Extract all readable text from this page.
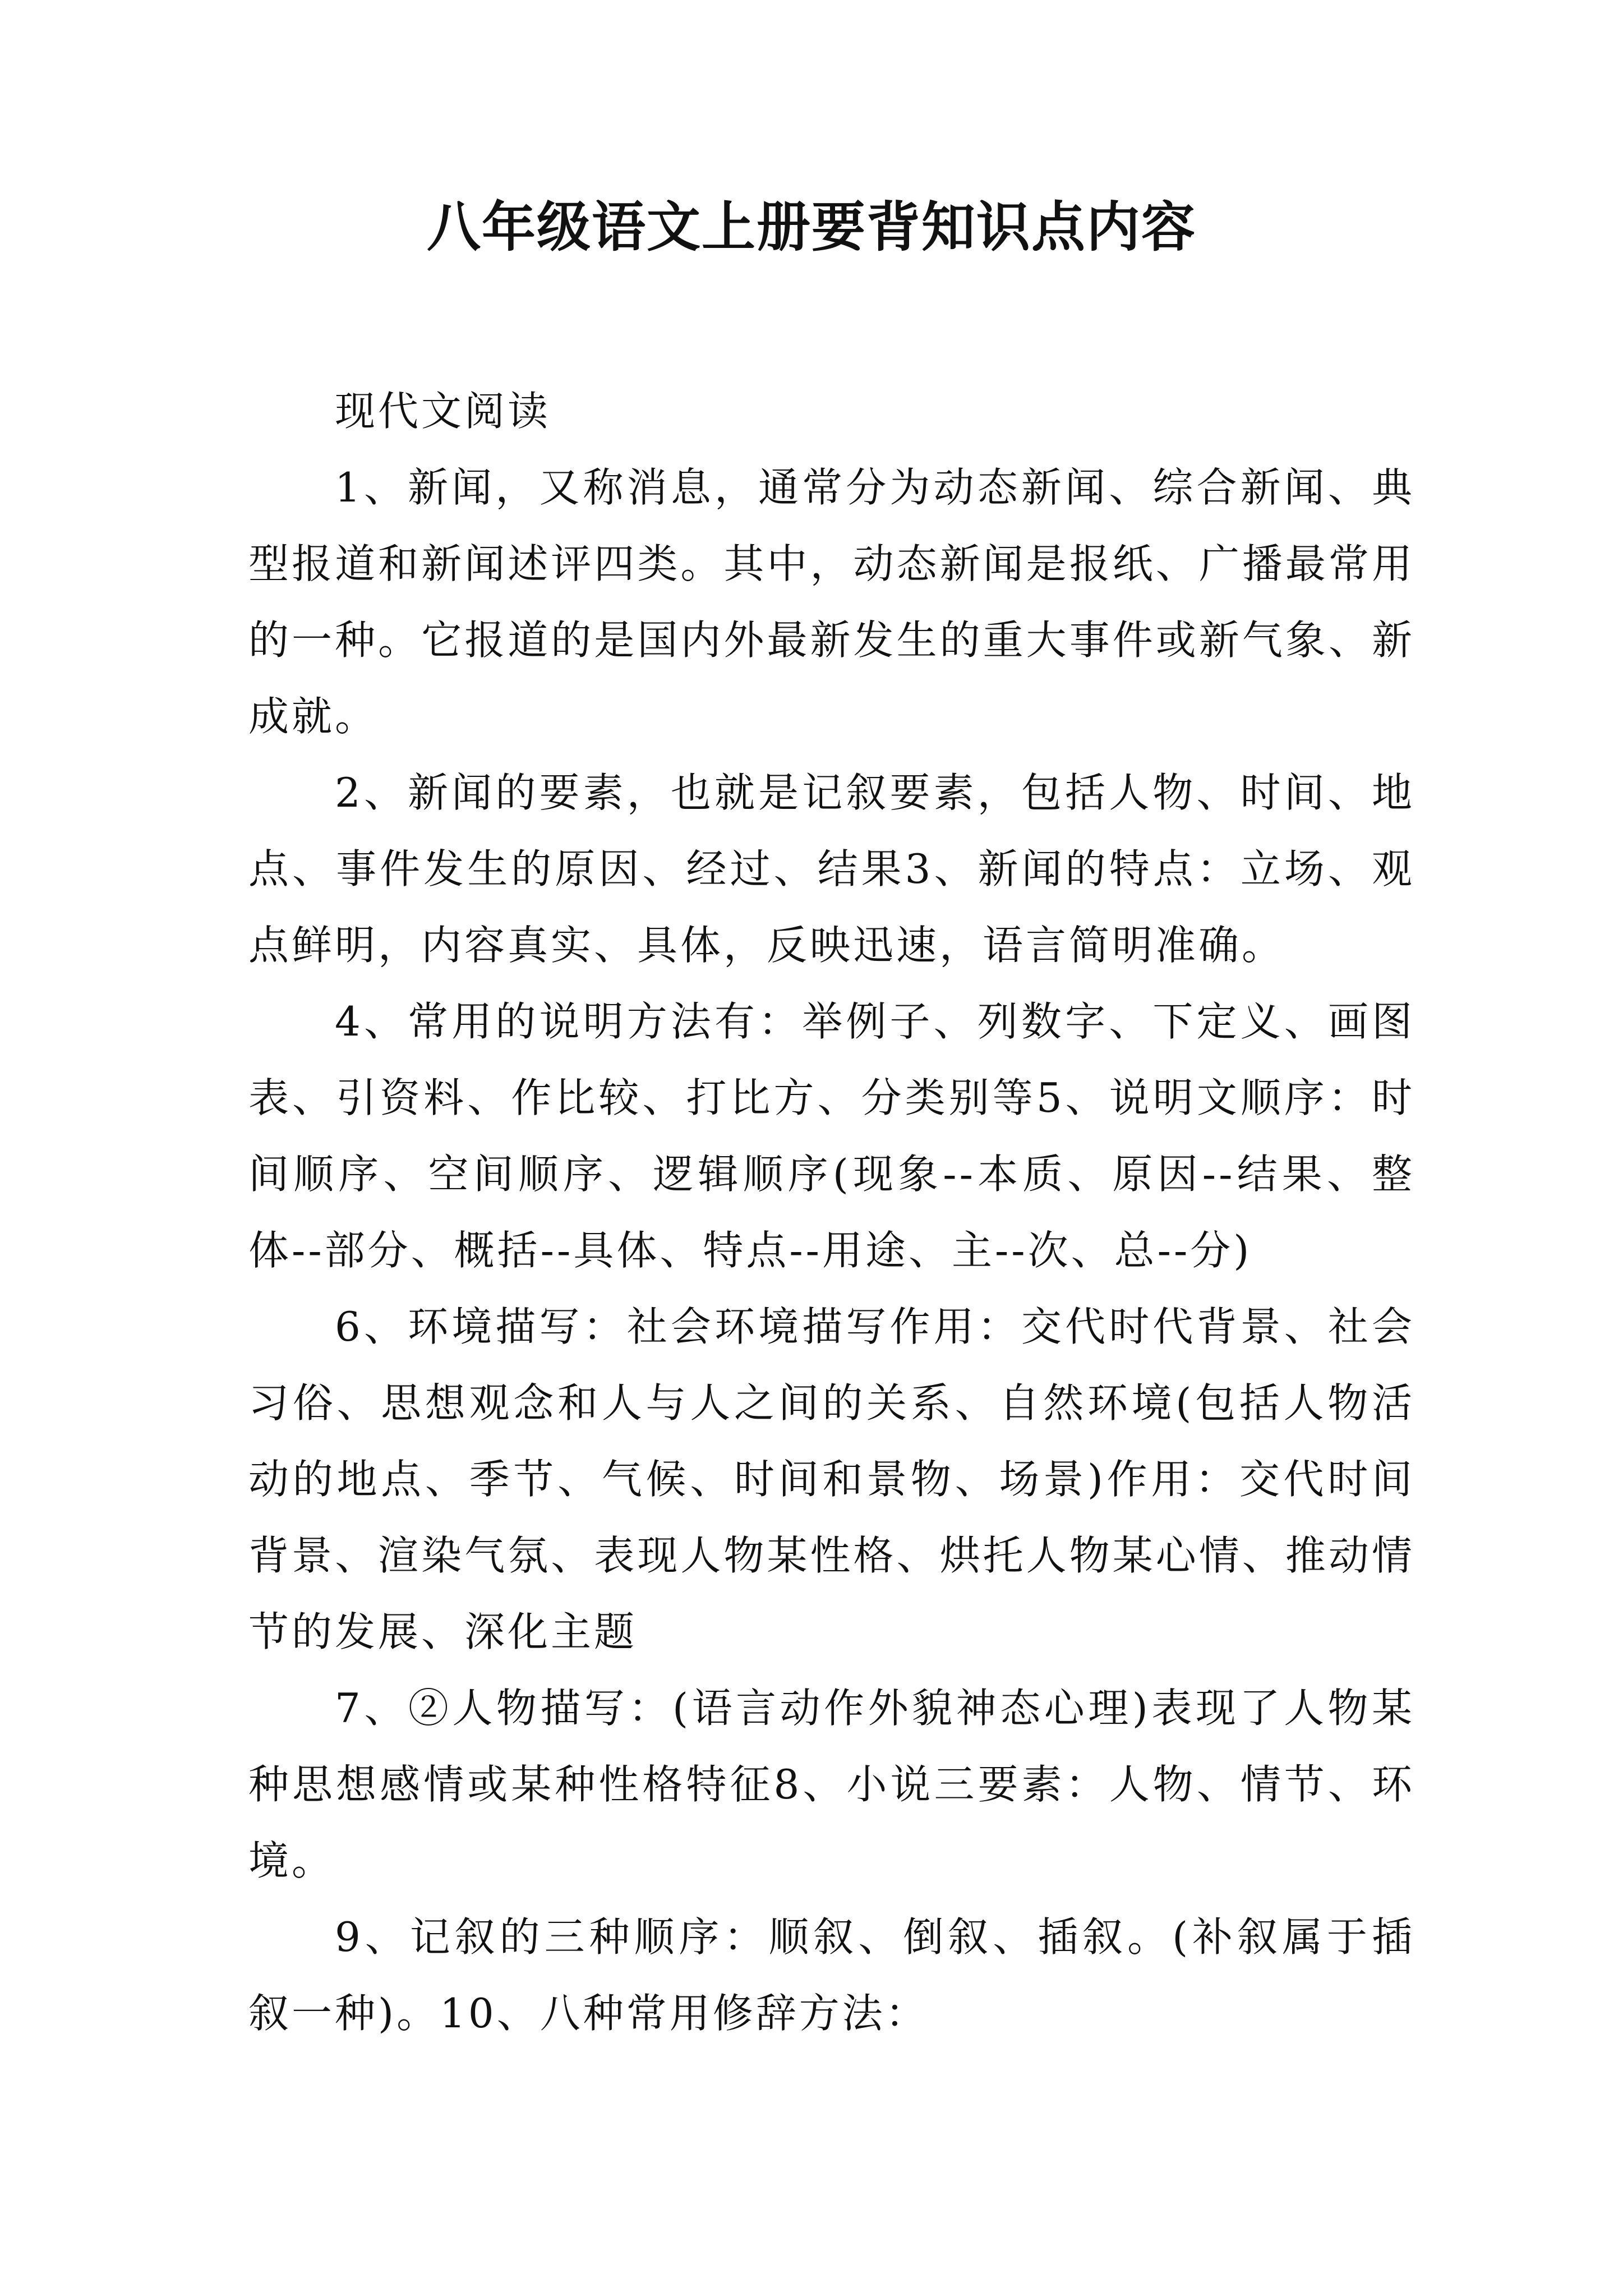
八年级语文上册要背知识点内容

现代文阅读

1、新闻，又称消息，通常分为动态新闻、综合新闻、典型报道和新闻述评四类。其中，动态新闻是报纸、广播最常用的一种。它报道的是国内外最新发生的重大事件或新气象、新成就。

2、新闻的要素，也就是记叙要素，包括人物、时间、地点、事件发生的原因、经过、结果3、新闻的特点：立场、观点鲜明，内容真实、具体，反映迅速，语言简明准确。

4、常用的说明方法有：举例子、列数字、下定义、画图表、引资料、作比较、打比方、分类别等5、说明文顺序：时间顺序、空间顺序、逻辑顺序(现象--本质、原因--结果、整体--部分、概括--具体、特点--用途、主--次、总--分)

6、环境描写：社会环境描写作用：交代时代背景、社会习俗、思想观念和人与人之间的关系、自然环境(包括人物活动的地点、季节、气候、时间和景物、场景)作用：交代时间背景、渲染气氛、表现人物某性格、烘托人物某心情、推动情节的发展、深化主题

7、②人物描写：(语言动作外貌神态心理)表现了人物某种思想感情或某种性格特征8、小说三要素：人物、情节、环境。

9、记叙的三种顺序：顺叙、倒叙、插叙。(补叙属于插叙一种)。10、八种常用修辞方法：
